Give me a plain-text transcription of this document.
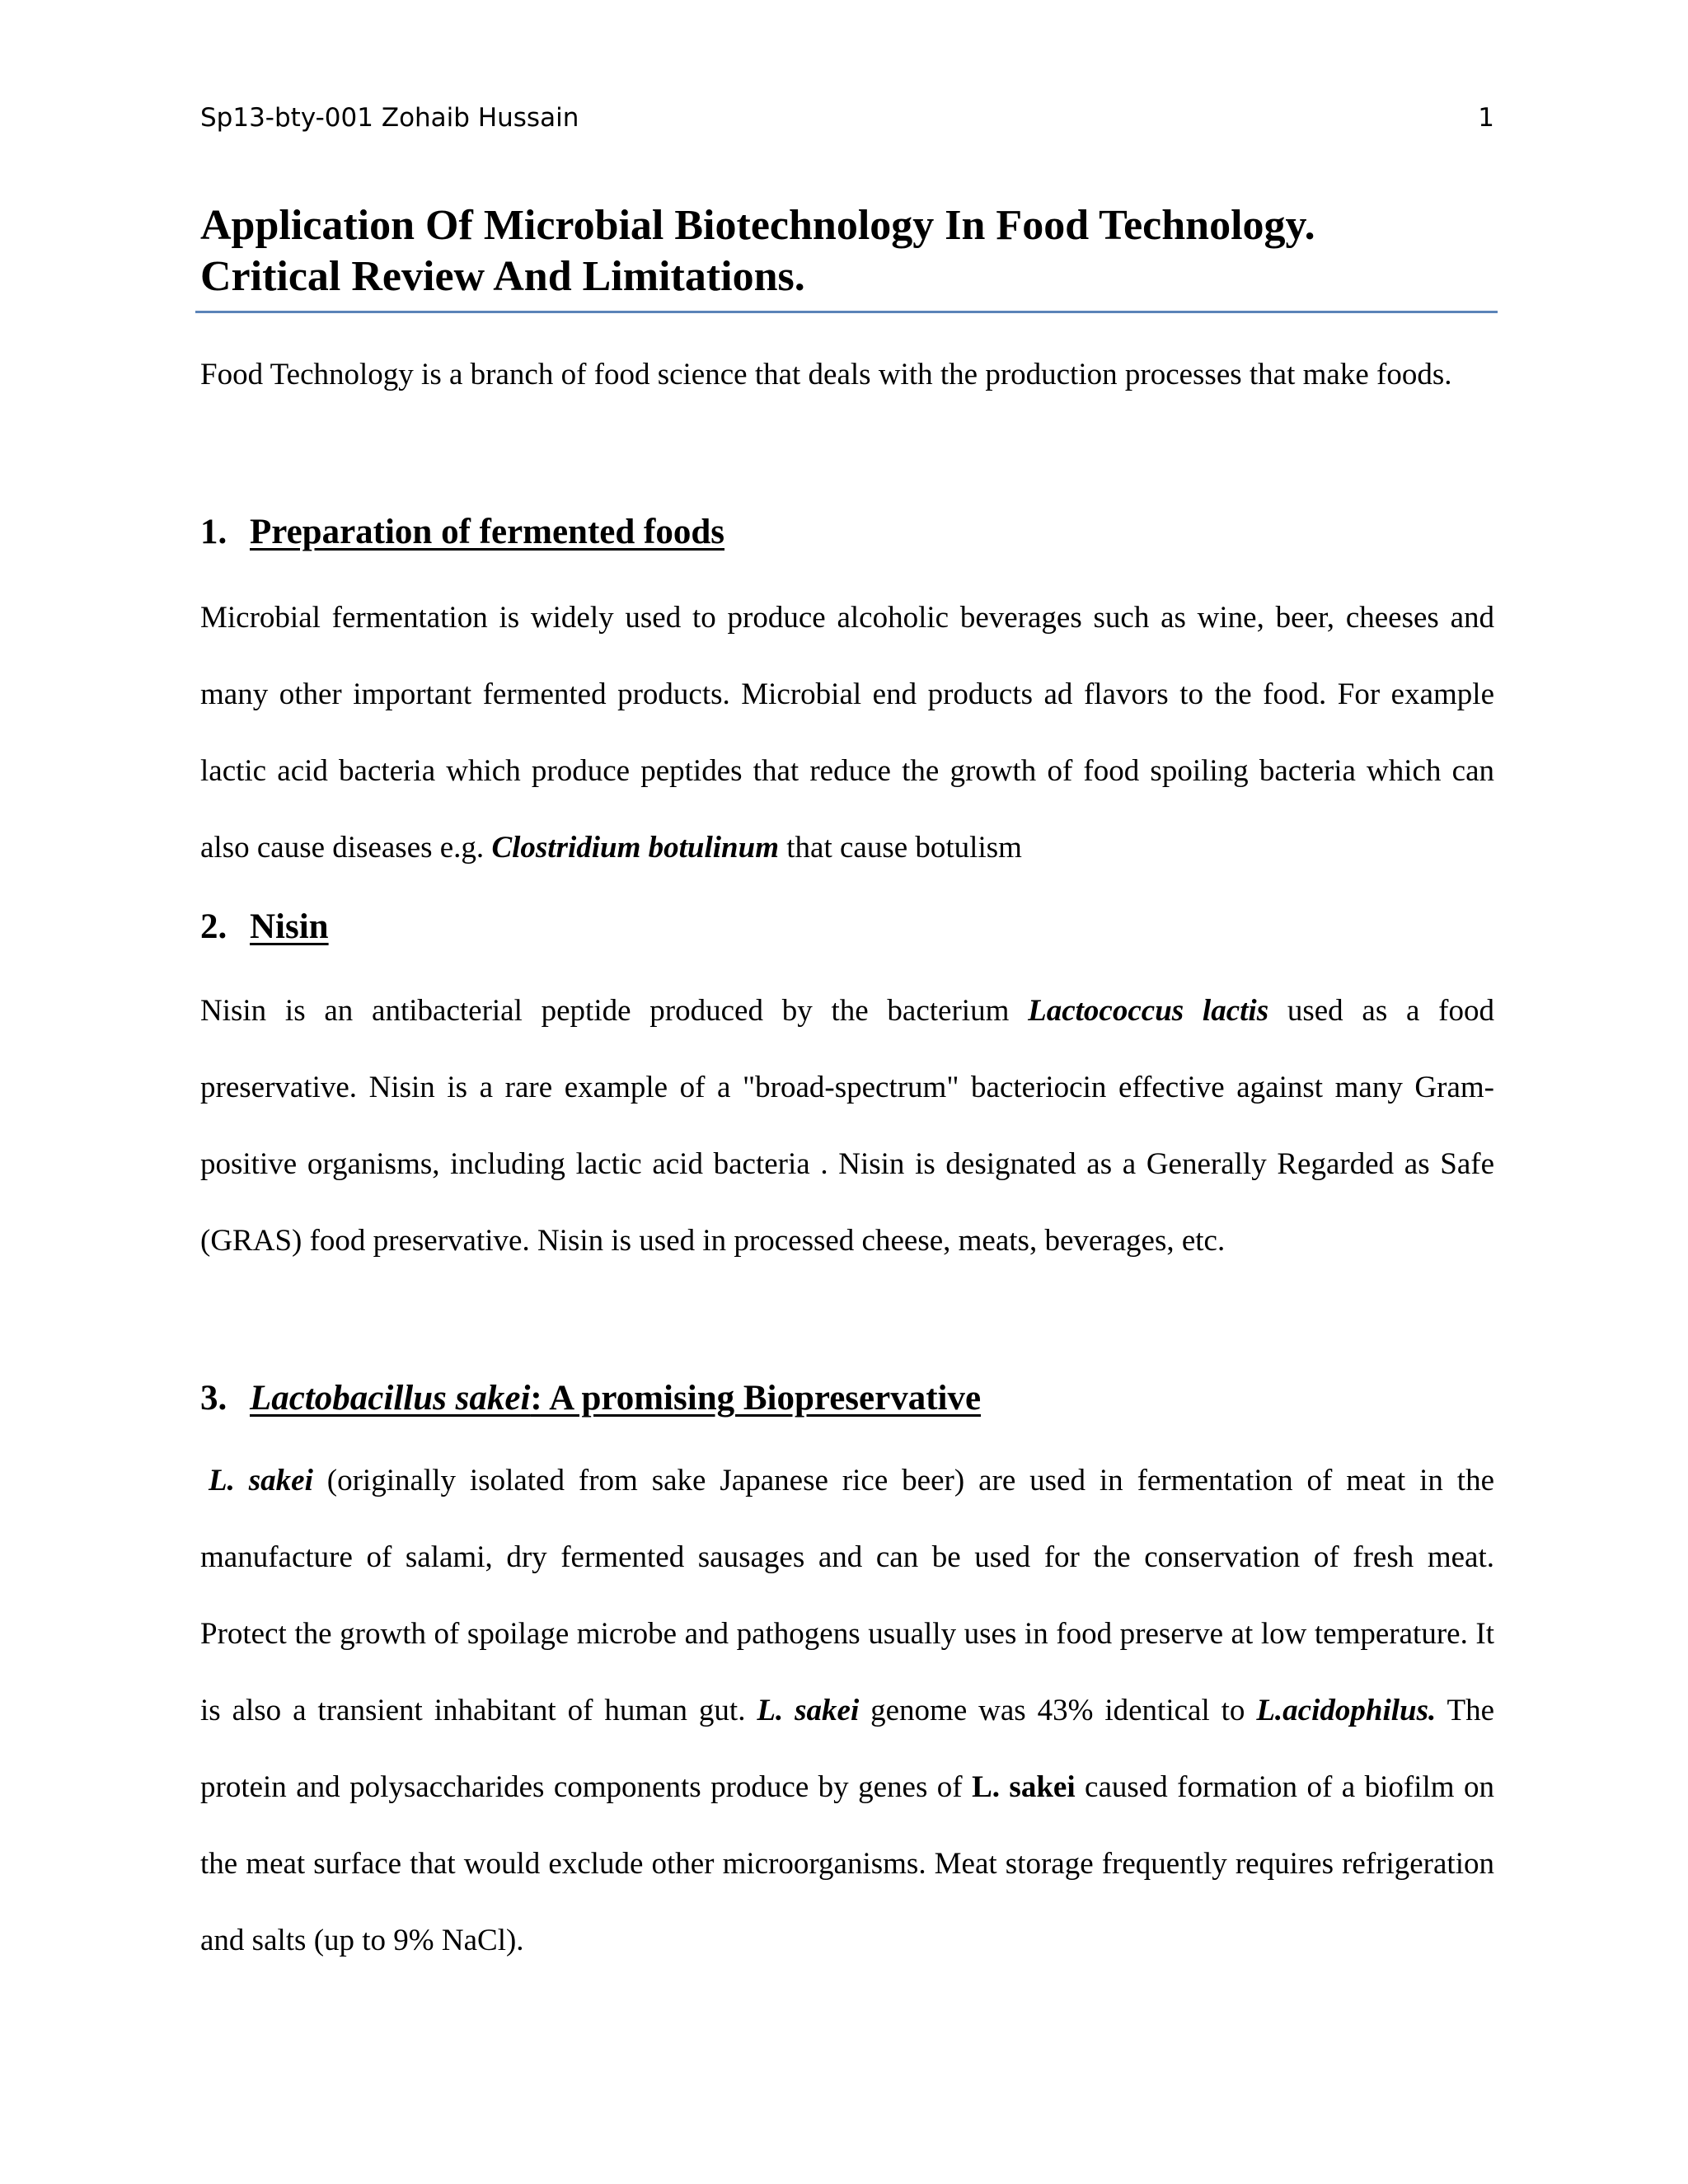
Sp13-bty-001 Zohaib Hussain	1
Application Of Microbial Biotechnology In Food Technology.
Critical Review And Limitations.

Food Technology is a branch of food science that deals with the production processes that make foods.

1. Preparation of fermented foods

Microbial fermentation is widely used to produce alcoholic beverages such as wine, beer, cheeses and many other important fermented products. Microbial end products ad flavors to the food. For example lactic acid bacteria which produce peptides that reduce the growth of food spoiling bacteria which can also cause diseases e.g. Clostridium botulinum that cause botulism

2. Nisin

Nisin is an antibacterial peptide produced by the bacterium Lactococcus lactis used as a food preservative. Nisin is a rare example of a "broad-spectrum" bacteriocin effective against many Gram-positive organisms, including lactic acid bacteria . Nisin is designated as a Generally Regarded as Safe (GRAS) food preservative. Nisin is used in processed cheese, meats, beverages, etc.

3. Lactobacillus sakei: A promising Biopreservative

L. sakei (originally isolated from sake Japanese rice beer) are used in fermentation of meat in the manufacture of salami, dry fermented sausages and can be used for the conservation of fresh meat. Protect the growth of spoilage microbe and pathogens usually uses in food preserve at low temperature. It is also a transient inhabitant of human gut. L. sakei genome was 43% identical to L.acidophilus. The protein and polysaccharides components produce by genes of L. sakei caused formation of a biofilm on the meat surface that would exclude other microorganisms. Meat storage frequently requires refrigeration and salts (up to 9% NaCl).
